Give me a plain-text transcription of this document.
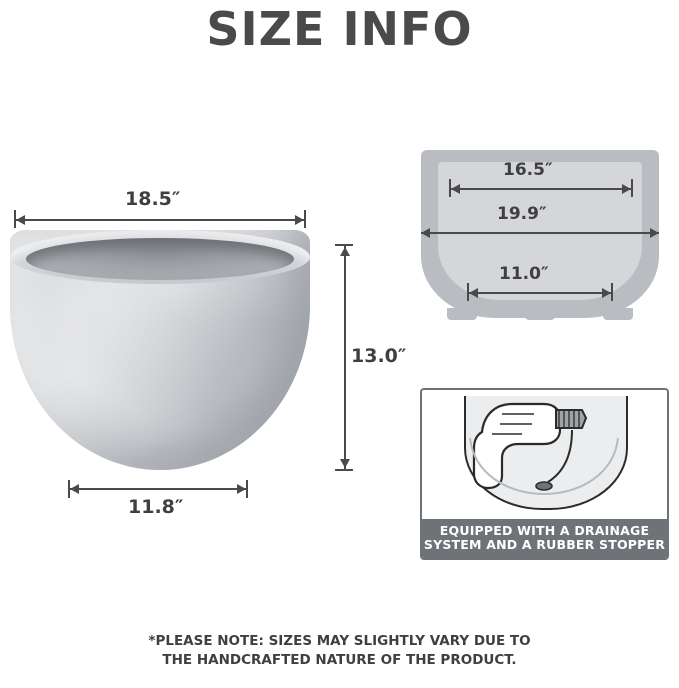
SIZE INFO
18.5″
13.0″
11.8″
16.5″
19.9″
11.0″
EQUIPPED WITH A DRAINAGE
SYSTEM AND A RUBBER STOPPER
*PLEASE NOTE: SIZES MAY SLIGHTLY VARY DUE TO
THE HANDCRAFTED NATURE OF THE PRODUCT.
